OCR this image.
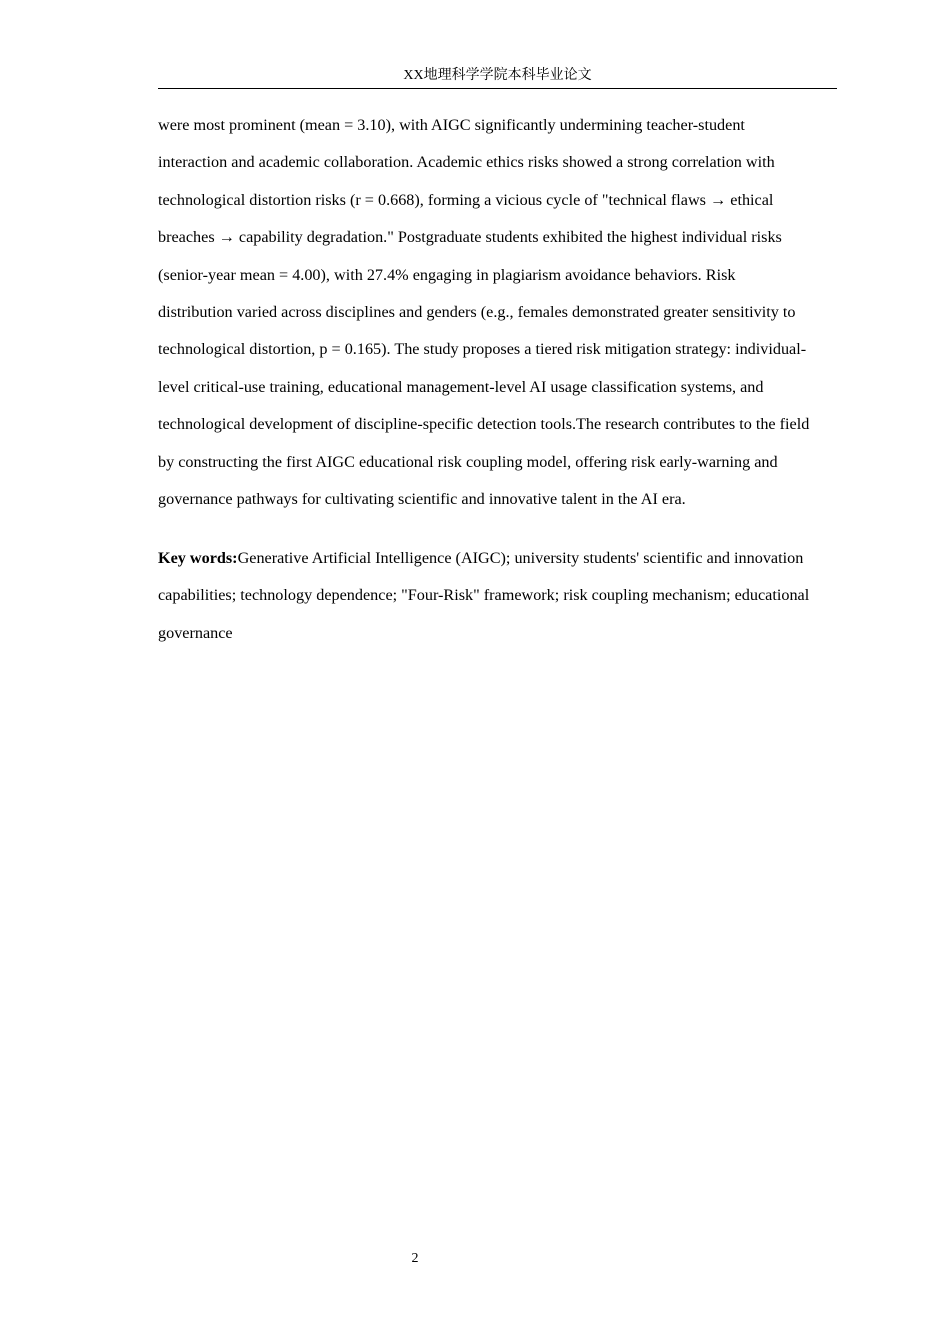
XX地理科学学院本科毕业论文
were most prominent (mean = 3.10), with AIGC significantly undermining teacher-student
interaction and academic collaboration. Academic ethics risks showed a strong correlation with
technological distortion risks (r = 0.668), forming a vicious cycle of "technical flaws → ethical
breaches → capability degradation." Postgraduate students exhibited the highest individual risks
(senior-year mean = 4.00), with 27.4% engaging in plagiarism avoidance behaviors. Risk
distribution varied across disciplines and genders (e.g., females demonstrated greater sensitivity to
technological distortion, p = 0.165). The study proposes a tiered risk mitigation strategy: individual-
level critical-use training, educational management-level AI usage classification systems, and
technological development of discipline-specific detection tools.The research contributes to the field
by constructing the first AIGC educational risk coupling model, offering risk early-warning and
governance pathways for cultivating scientific and innovative talent in the AI era.
Key words:Generative Artificial Intelligence (AIGC); university students' scientific and innovation
capabilities; technology dependence; "Four-Risk" framework; risk coupling mechanism; educational
governance
2
